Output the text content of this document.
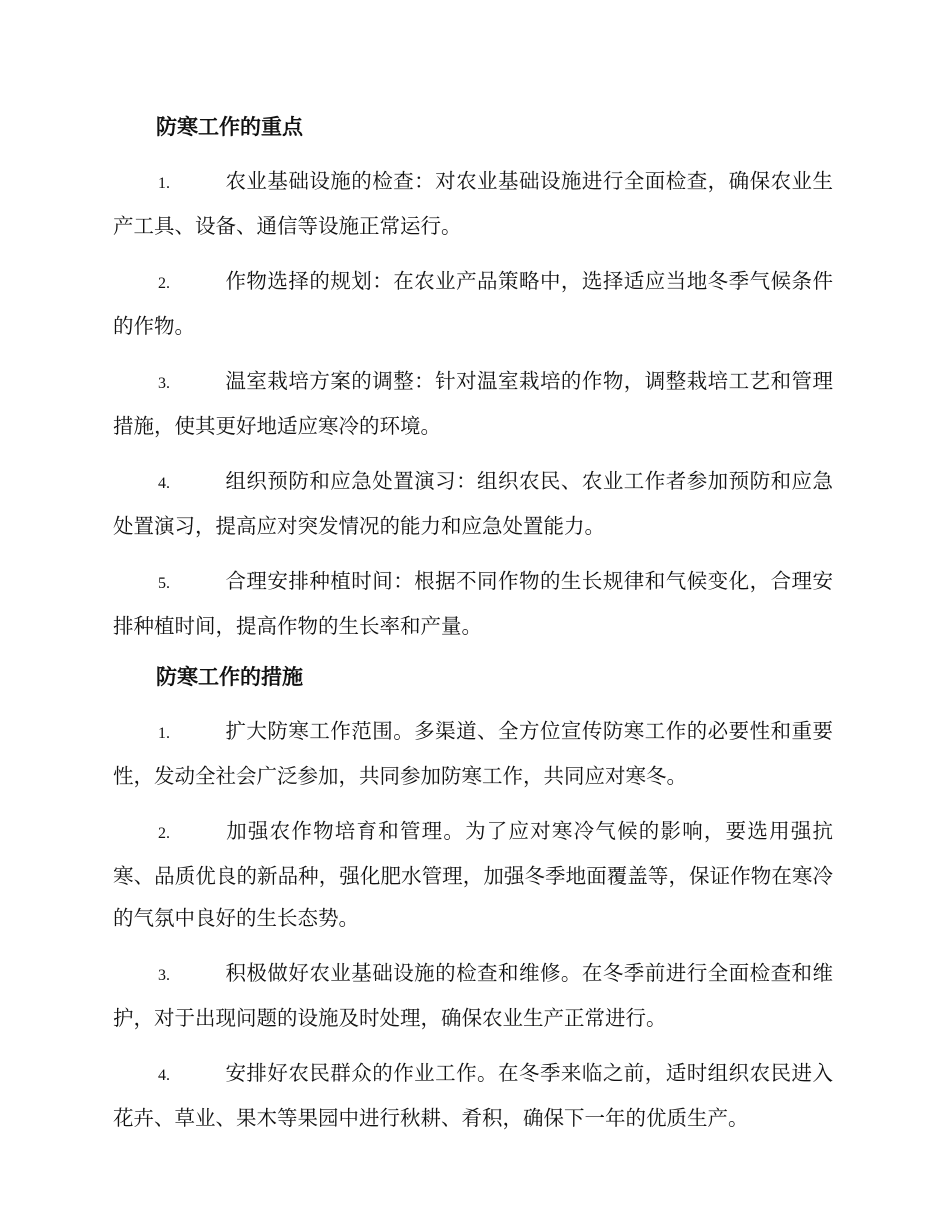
防寒工作的重点

1.	农业基础设施的检查：对农业基础设施进行全面检查，确保农业生产工具、设备、通信等设施正常运行。

2.	作物选择的规划：在农业产品策略中，选择适应当地冬季气候条件的作物。

3.	温室栽培方案的调整：针对温室栽培的作物，调整栽培工艺和管理措施，使其更好地适应寒冷的环境。

4.	组织预防和应急处置演习：组织农民、农业工作者参加预防和应急处置演习，提高应对突发情况的能力和应急处置能力。

5.	合理安排种植时间：根据不同作物的生长规律和气候变化，合理安排种植时间，提高作物的生长率和产量。

防寒工作的措施

1.	扩大防寒工作范围。多渠道、全方位宣传防寒工作的必要性和重要性，发动全社会广泛参加，共同参加防寒工作，共同应对寒冬。

2.	加强农作物培育和管理。为了应对寒冷气候的影响，要选用强抗寒、品质优良的新品种，强化肥水管理，加强冬季地面覆盖等，保证作物在寒冷的气氛中良好的生长态势。

3.	积极做好农业基础设施的检查和维修。在冬季前进行全面检查和维护，对于出现问题的设施及时处理，确保农业生产正常进行。

4.	安排好农民群众的作业工作。在冬季来临之前，适时组织农民进入花卉、草业、果木等果园中进行秋耕、肴积，确保下一年的优质生产。
